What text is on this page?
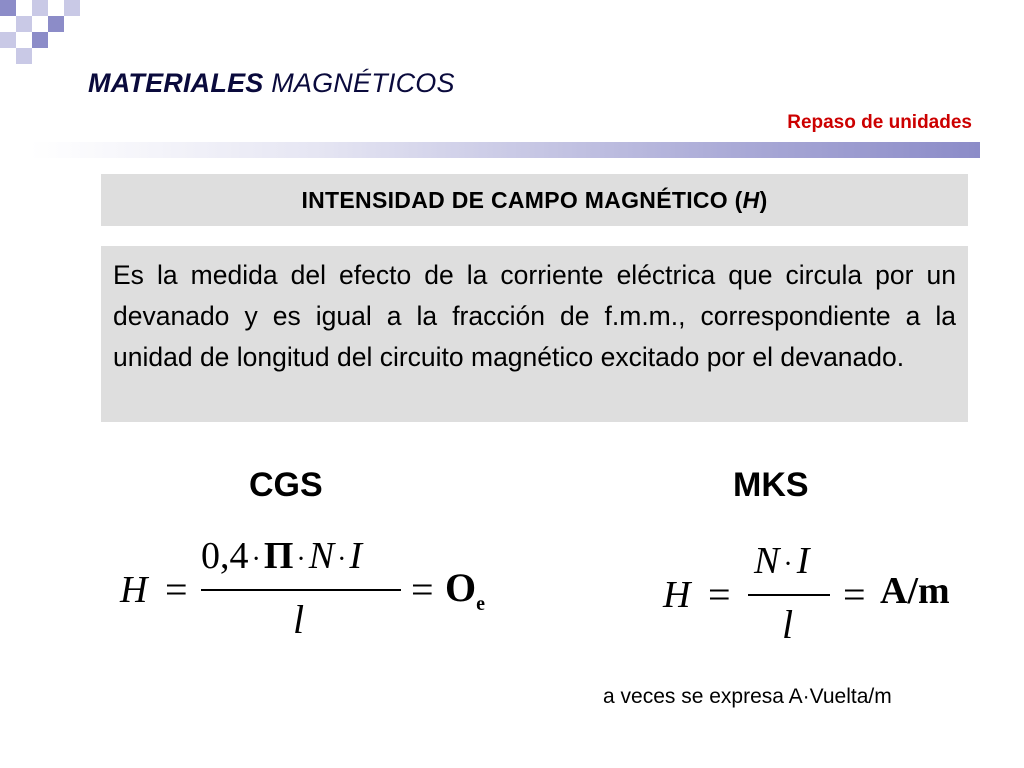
MATERIALES MAGNÉTICOS
Repaso de unidades
INTENSIDAD DE CAMPO MAGNÉTICO ( H )
Es la medida del efecto de la corriente eléctrica que circula por un devanado y es igual a la fracción de f.m.m., correspondiente a la unidad de longitud del circuito magnético excitado por el devanado.
CGS	MKS
H =
0,4 ·Π ·N ·I
l
= $O_e$	H =
N · I
l
= A/m
a veces se expresa A·Vuelta/m
